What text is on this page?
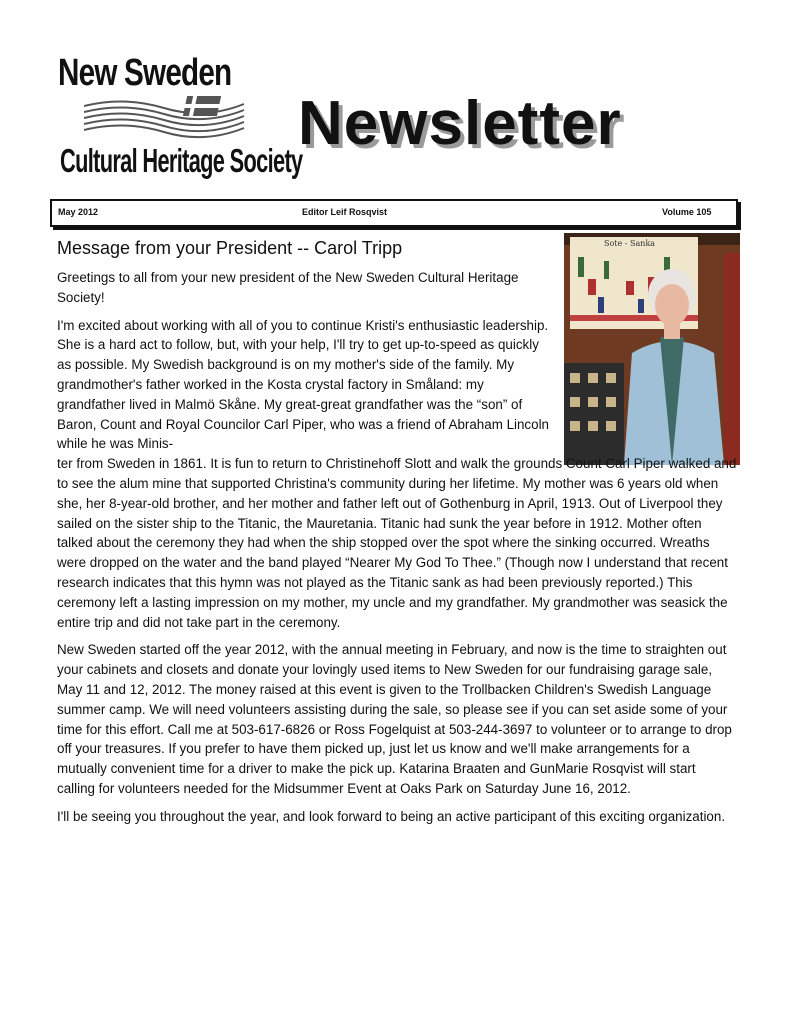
New Sweden
Cultural Heritage Society
Newsletter
May 2012	Editor Leif Rosqvist	Volume 105
Sote - Sanka
Message from your President -- Carol Tripp

Greetings to all from your new president of the New Sweden Cultural Heritage Society!

I'm excited about working with all of you to continue Kristi's enthusiastic leadership. She is a hard act to follow, but, with your help, I'll try to get up-to-speed as quickly as possible. My Swedish background is on my mother's side of the family. My grandmother's father worked in the Kosta crystal factory in Småland: my grandfather lived in Malmö Skåne. My great-great grandfather was the “son” of Baron, Count and Royal Councilor Carl Piper, who was a friend of Abraham Lincoln while he was Minis-

ter from Sweden in 1861. It is fun to return to Christinehoff Slott and walk the grounds Count Carl Piper walked and to see the alum mine that supported Christina's community during her lifetime. My mother was 6 years old when she, her 8-year-old brother, and her mother and father left out of Gothenburg in April, 1913. Out of Liverpool they sailed on the sister ship to the Titanic, the Mauretania. Titanic had sunk the year before in 1912. Mother often talked about the ceremony they had when the ship stopped over the spot where the sinking occurred. Wreaths were dropped on the water and the band played “Nearer My God To Thee.” (Though now I understand that recent research indicates that this hymn was not played as the Titanic sank as had been previously reported.) This ceremony left a lasting impression on my mother, my uncle and my grandfather. My grandmother was seasick the entire trip and did not take part in the ceremony.

New Sweden started off the year 2012, with the annual meeting in February, and now is the time to straighten out your cabinets and closets and donate your lovingly used items to New Sweden for our fundraising garage sale, May 11 and 12, 2012. The money raised at this event is given to the Trollbacken Children's Swedish Language summer camp. We will need volunteers assisting during the sale, so please see if you can set aside some of your time for this effort. Call me at 503-617-6826 or Ross Fogelquist at 503-244-3697 to volunteer or to arrange to drop off your treasures. If you prefer to have them picked up, just let us know and we'll make arrangements for a mutually convenient time for a driver to make the pick up. Katarina Braaten and GunMarie Rosqvist will start calling for volunteers needed for the Midsummer Event at Oaks Park on Saturday June 16, 2012.

I'll be seeing you throughout the year, and look forward to being an active participant of this exciting organization.
